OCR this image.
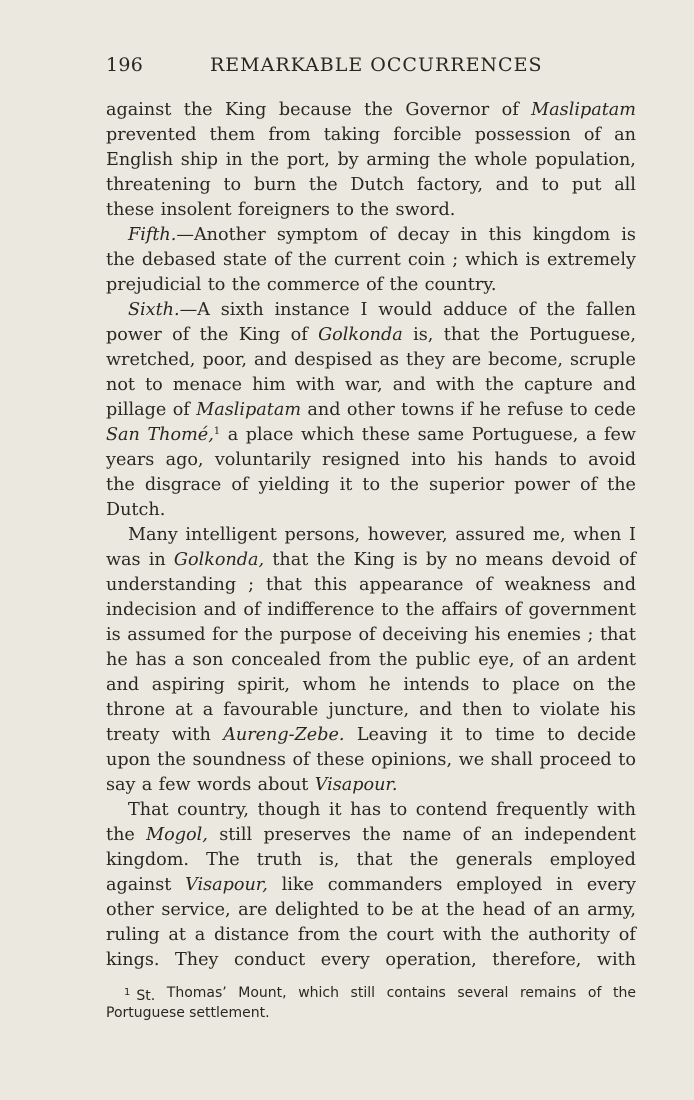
196	REMARKABLE OCCURRENCES
against the King because the Governor of Maslipatam
prevented them from taking forcible possession of an
English ship in the port, by arming the whole population,
threatening to burn the Dutch factory, and to put all
these insolent foreigners to the sword.
Fifth.—Another symptom of decay in this kingdom is
the debased state of the current coin ; which is extremely
prejudicial to the commerce of the country.
Sixth.—A sixth instance I would adduce of the fallen
power of the King of Golkonda is, that the Portuguese,
wretched, poor, and despised as they are become, scruple
not to menace him with war, and with the capture and
pillage of Maslipatam and other towns if he refuse to cede
San Thomé,$^1$ a place which these same Portuguese, a few
years ago, voluntarily resigned into his hands to avoid
the disgrace of yielding it to the superior power of the
Dutch.
Many intelligent persons, however, assured me, when I
was in Golkonda, that the King is by no means devoid of
understanding ; that this appearance of weakness and
indecision and of indifference to the affairs of government
is assumed for the purpose of deceiving his enemies ; that
he has a son concealed from the public eye, of an ardent
and aspiring spirit, whom he intends to place on the
throne at a favourable juncture, and then to violate his
treaty with Aureng-Zebe. Leaving it to time to decide
upon the soundness of these opinions, we shall proceed to
say a few words about Visapour.
That country, though it has to contend frequently with
the Mogol, still preserves the name of an independent
kingdom. The truth is, that the generals employed
against Visapour, like commanders employed in every
other service, are delighted to be at the head of an army,
ruling at a distance from the court with the authority of
kings. They conduct every operation, therefore, with
$^1$ St. Thomas’ Mount, which still contains several remains of the
Portuguese settlement.
